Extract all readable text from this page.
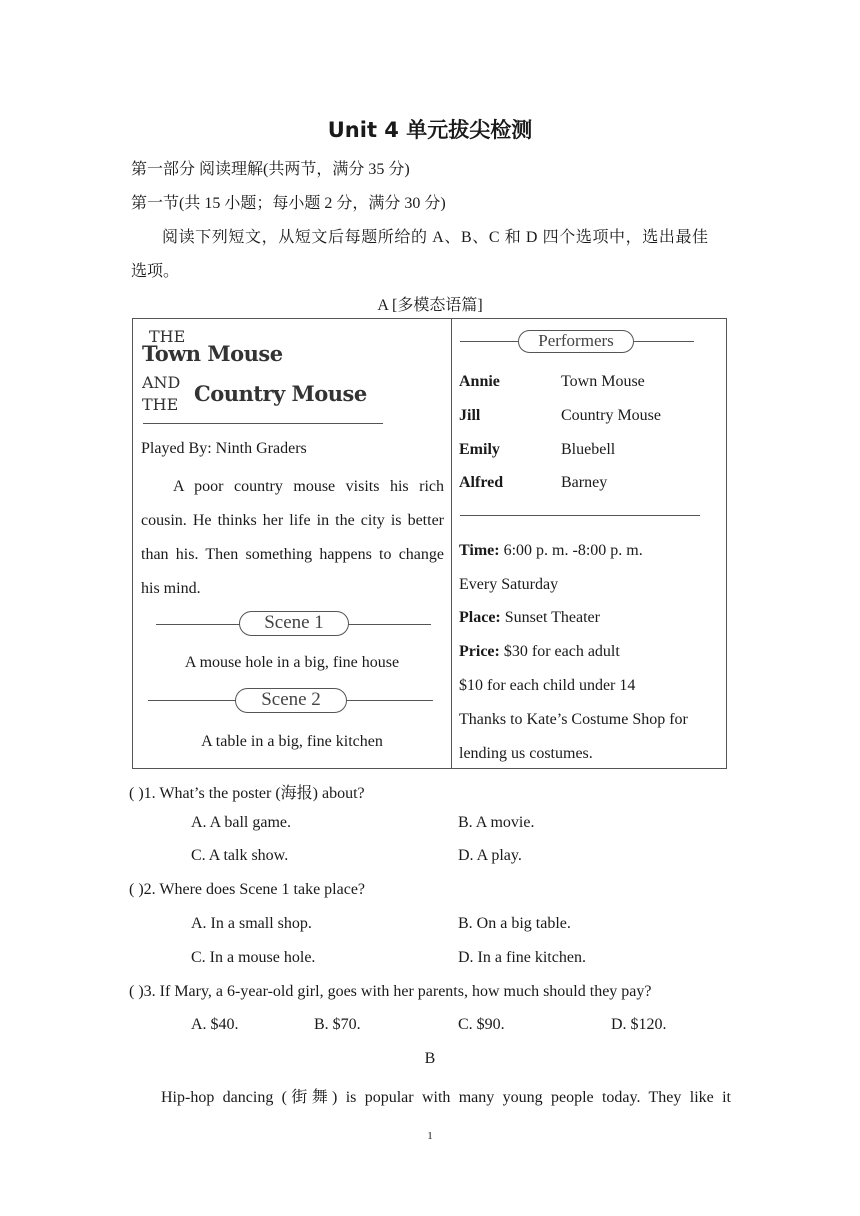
Unit 4 单元拔尖检测
第一部分 阅读理解(共两节，满分 35 分)
第一节(共 15 小题；每小题 2 分，满分 30 分)
阅读下列短文，从短文后每题所给的 A、B、C 和 D 四个选项中，选出最佳
选项。
A [多模态语篇]
THE
Town Mouse
AND
THE Country Mouse
Played By: Ninth Graders
A poor country mouse visits his rich cousin. He thinks her life in the city is better than his. Then something happens to change his mind.
Scene 1
A mouse hole in a big, fine house
Scene 2
A table in a big, fine kitchen
Performers
Annie	Town Mouse
Jill	Country Mouse
Emily	Bluebell
Alfred	Barney
Time: 6:00 p. m. -8:00 p. m.
Every Saturday
Place: Sunset Theater
Price: $30 for each adult
$10 for each child under 14
Thanks to Kate’s Costume Shop for
lending us costumes.
( )1. What’s the poster (海报) about?
A. A ball game.	B. A movie.
C. A talk show.	D. A play.
( )2. Where does Scene 1 take place?
A. In a small shop.	B. On a big table.
C. In a mouse hole.	D. In a fine kitchen.
( )3. If Mary, a 6-year-old girl, goes with her parents, how much should they pay?
A. $40.	B. $70.	C. $90.	D. $120.
B
Hip-hop dancing (街舞) is popular with many young people today. They like it
1
